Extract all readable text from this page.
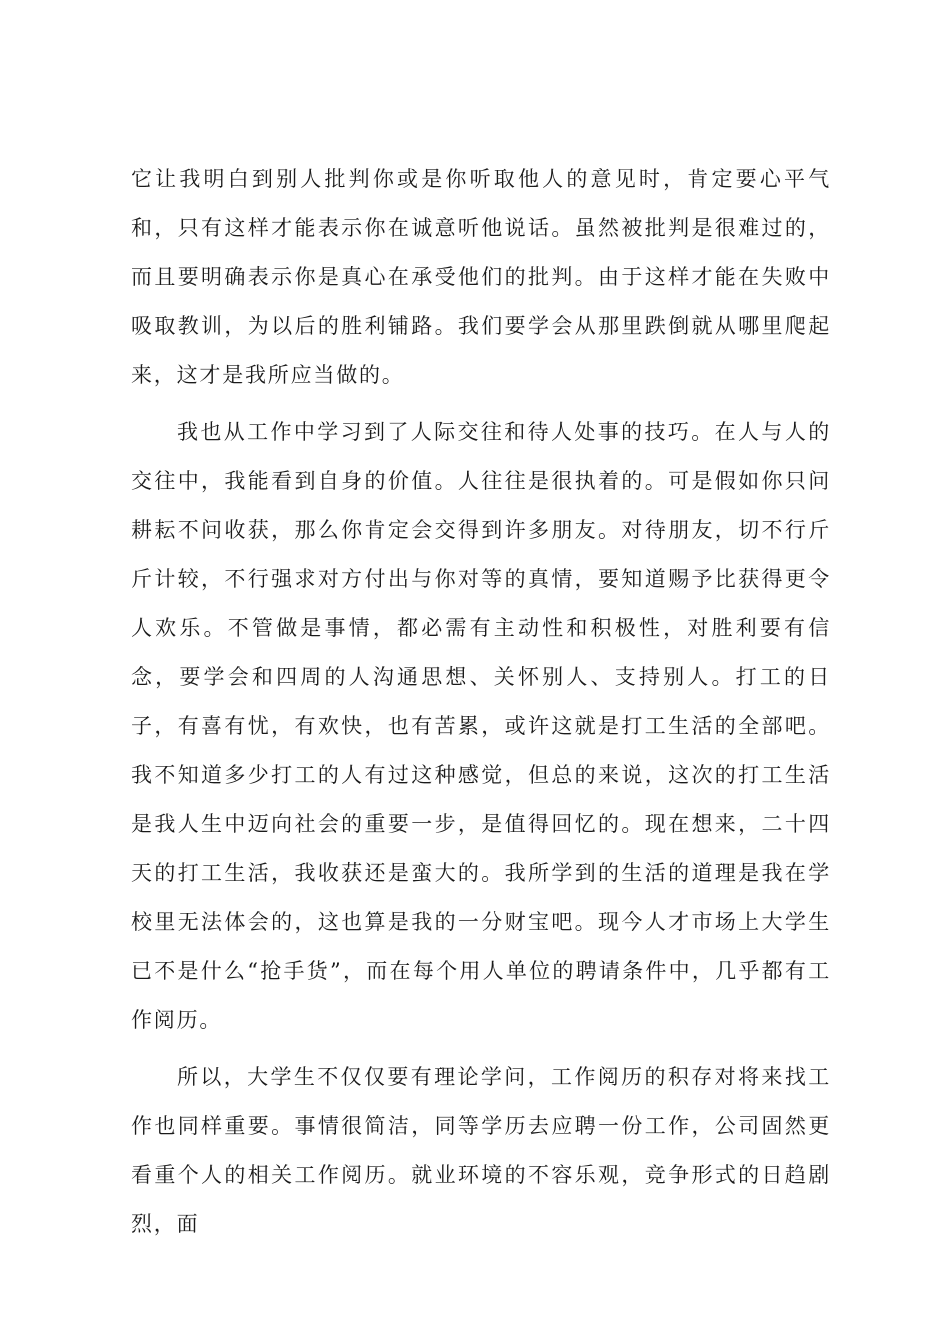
它让我明白到别人批判你或是你听取他人的意见时，肯定要心平气和，只有这样才能表示你在诚意听他说话。虽然被批判是很难过的，而且要明确表示你是真心在承受他们的批判。由于这样才能在失败中吸取教训，为以后的胜利铺路。我们要学会从那里跌倒就从哪里爬起来，这才是我所应当做的。

我也从工作中学习到了人际交往和待人处事的技巧。在人与人的交往中，我能看到自身的价值。人往往是很执着的。可是假如你只问耕耘不问收获，那么你肯定会交得到许多朋友。对待朋友，切不行斤斤计较，不行强求对方付出与你对等的真情，要知道赐予比获得更令人欢乐。不管做是事情，都必需有主动性和积极性，对胜利要有信念，要学会和四周的人沟通思想、关怀别人、支持别人。打工的日子，有喜有忧，有欢快，也有苦累，或许这就是打工生活的全部吧。我不知道多少打工的人有过这种感觉，但总的来说，这次的打工生活是我人生中迈向社会的重要一步，是值得回忆的。现在想来，二十四天的打工生活，我收获还是蛮大的。我所学到的生活的道理是我在学校里无法体会的，这也算是我的一分财宝吧。现今人才市场上大学生已不是什么“抢手货”，而在每个用人单位的聘请条件中，几乎都有工作阅历。

所以，大学生不仅仅要有理论学问，工作阅历的积存对将来找工作也同样重要。事情很简洁，同等学历去应聘一份工作，公司固然更看重个人的相关工作阅历。就业环境的不容乐观，竞争形式的日趋剧烈，面
